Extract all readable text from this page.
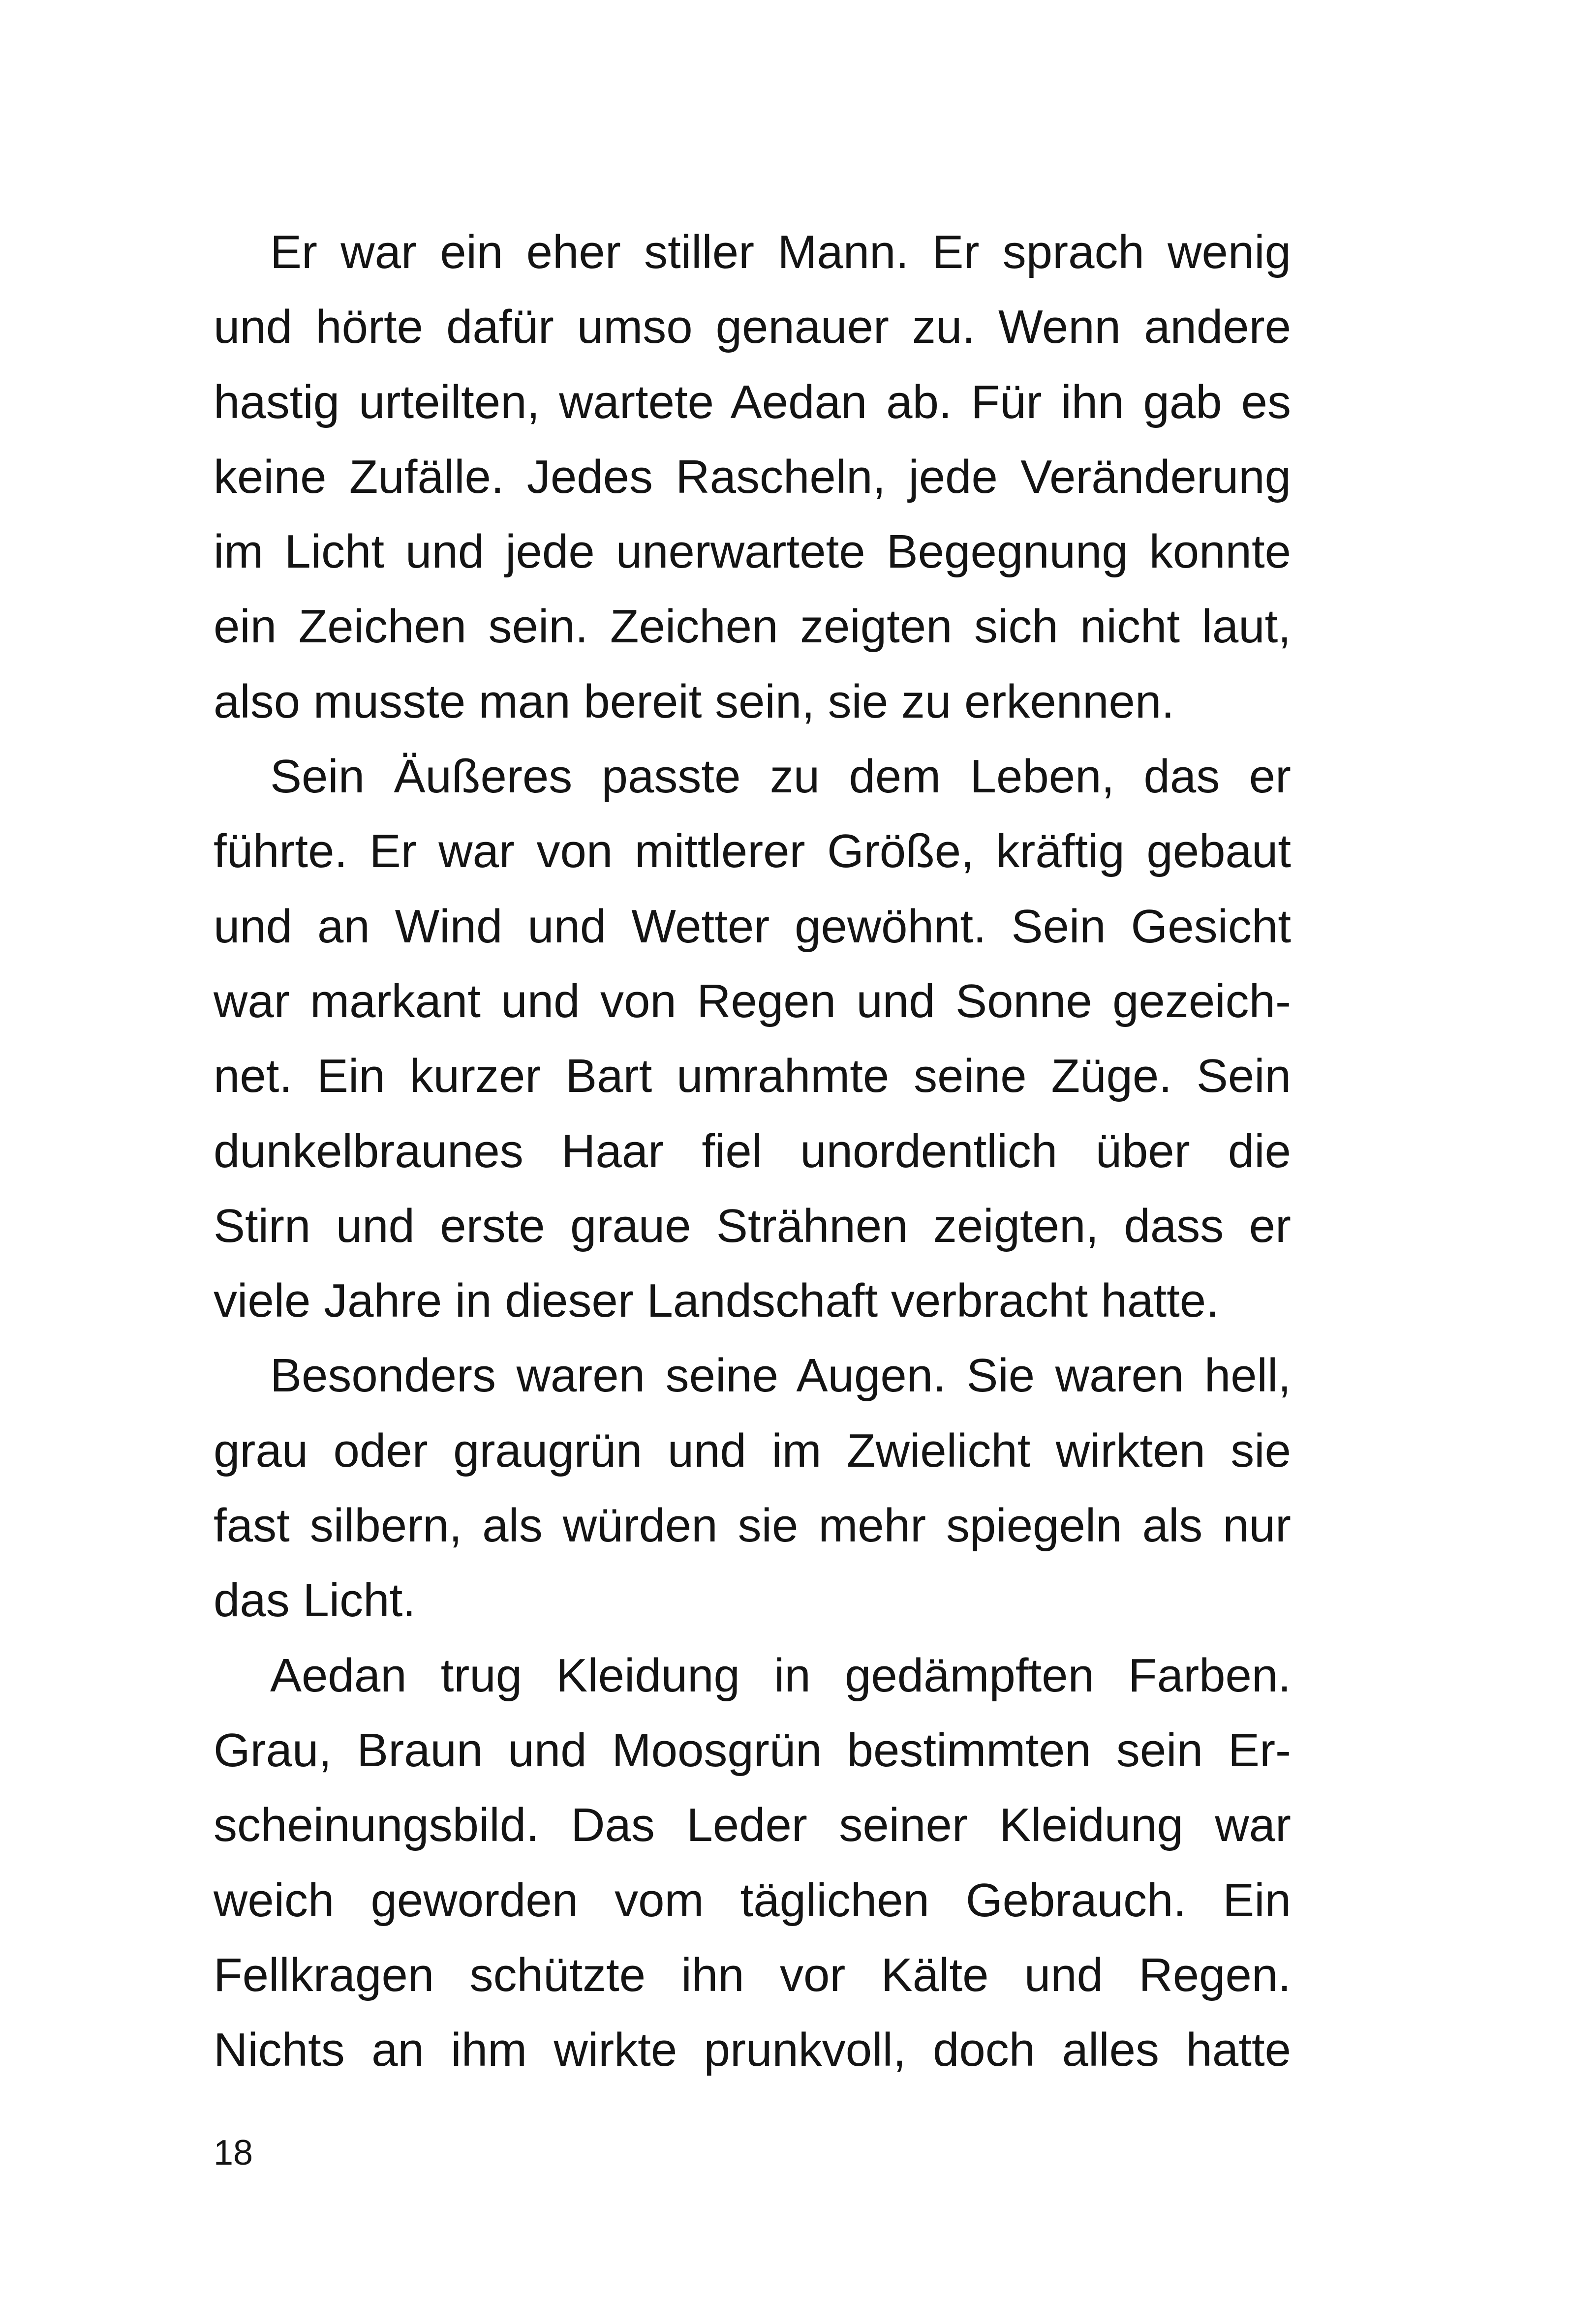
Er war ein eher stiller Mann. Er sprach wenig
und hörte dafür umso genauer zu. Wenn andere
hastig urteilten, wartete Aedan ab. Für ihn gab es
keine Zufälle. Jedes Rascheln, jede Veränderung
im Licht und jede unerwartete Begegnung konnte
ein Zeichen sein. Zeichen zeigten sich nicht laut,
also musste man bereit sein, sie zu erkennen.
Sein Äußeres passte zu dem Leben, das er
führte. Er war von mittlerer Größe, kräftig gebaut
und an Wind und Wetter gewöhnt. Sein Gesicht
war markant und von Regen und Sonne gezeich-
net. Ein kurzer Bart umrahmte seine Züge. Sein
dunkelbraunes Haar fiel unordentlich über die
Stirn und erste graue Strähnen zeigten, dass er
viele Jahre in dieser Landschaft verbracht hatte.
Besonders waren seine Augen. Sie waren hell,
grau oder graugrün und im Zwielicht wirkten sie
fast silbern, als würden sie mehr spiegeln als nur
das Licht.
Aedan trug Kleidung in gedämpften Farben.
Grau, Braun und Moosgrün bestimmten sein Er-
scheinungsbild. Das Leder seiner Kleidung war
weich geworden vom täglichen Gebrauch. Ein
Fellkragen schützte ihn vor Kälte und Regen.
Nichts an ihm wirkte prunkvoll, doch alles hatte
18
